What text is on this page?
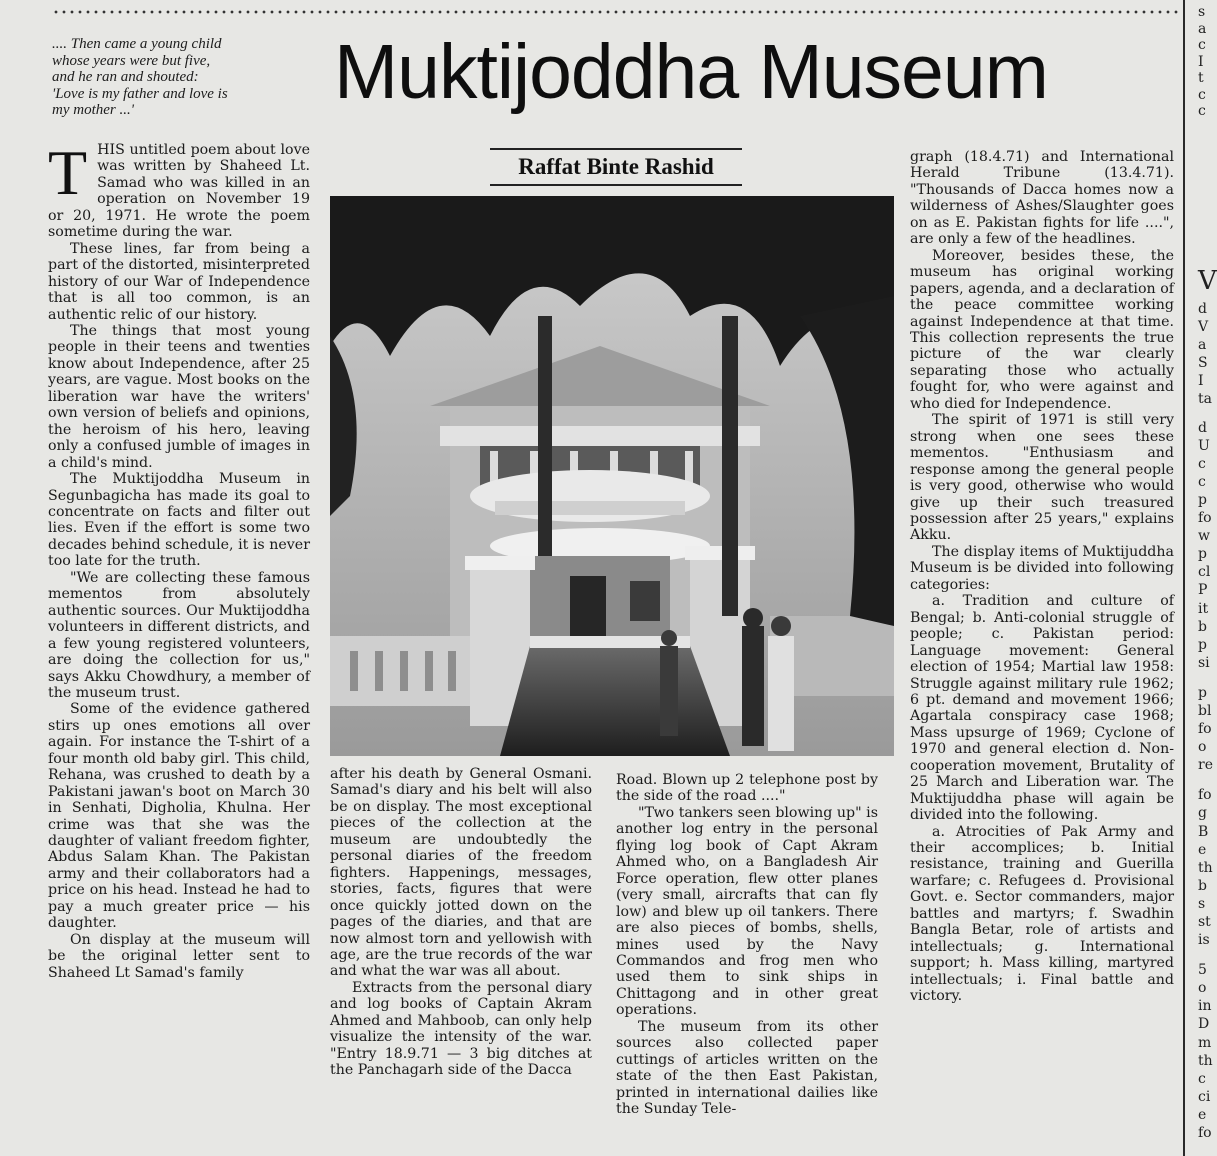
.... Then came a young child
whose years were but five,
and he ran and shouted:
'Love is my father and love is
my mother ...'	Muktijoddha Museum
Raffat Binte Rashid

THIS untitled poem about love was written by Shaheed Lt. Samad who was killed in an operation on November 19 or 20, 1971. He wrote the poem sometime during the war.

These lines, far from being a part of the distorted, misinterpreted history of our War of Independence that is all too common, is an authentic relic of our history.

The things that most young people in their teens and twenties know about Independence, after 25 years, are vague. Most books on the liberation war have the writers' own version of beliefs and opinions, the heroism of his hero, leaving only a confused jumble of images in a child's mind.

The Muktijoddha Museum in Segunbagicha has made its goal to concentrate on facts and filter out lies. Even if the effort is some two decades behind schedule, it is never too late for the truth.

"We are collecting these famous mementos from absolutely authentic sources. Our Muktijoddha volunteers in different districts, and a few young registered volunteers, are doing the collection for us," says Akku Chowdhury, a member of the museum trust.

Some of the evidence gathered stirs up ones emotions all over again. For instance the T-shirt of a four month old baby girl. This child, Rehana, was crushed to death by a Pakistani jawan's boot on March 30 in Senhati, Digholia, Khulna. Her crime was that she was the daughter of valiant freedom fighter, Abdus Salam Khan. The Pakistan army and their collaborators had a price on his head. Instead he had to pay a much greater price — his daughter.

On display at the museum will be the original letter sent to Shaheed Lt Samad's family

after his death by General Osmani. Samad's diary and his belt will also be on display. The most exceptional pieces of the collection at the museum are undoubtedly the personal diaries of the freedom fighters. Happenings, messages, stories, facts, figures that were once quickly jotted down on the pages of the diaries, and that are now almost torn and yellowish with age, are the true records of the war and what the war was all about.

Extracts from the personal diary and log books of Captain Akram Ahmed and Mahboob, can only help visualize the intensity of the war. "Entry 18.9.71 — 3 big ditches at the Panchagarh side of the Dacca

Road. Blown up 2 telephone post by the side of the road ...."

"Two tankers seen blowing up" is another log entry in the personal flying log book of Capt Akram Ahmed who, on a Bangladesh Air Force operation, flew otter planes (very small, aircrafts that can fly low) and blew up oil tankers. There are also pieces of bombs, shells, mines used by the Navy Commandos and frog men who used them to sink ships in Chittagong and in other great operations.

The museum from its other sources also collected paper cuttings of articles written on the state of the then East Pakistan, printed in international dailies like the Sunday Tele-

graph (18.4.71) and International Herald Tribune (13.4.71). "Thousands of Dacca homes now a wilderness of Ashes/Slaughter goes on as E. Pakistan fights for life ....", are only a few of the headlines.

Moreover, besides these, the museum has original working papers, agenda, and a declaration of the peace committee working against Independence at that time. This collection represents the true picture of the war clearly separating those who actually fought for, who were against and who died for Independence.

The spirit of 1971 is still very strong when one sees these mementos. "Enthusiasm and response among the general people is very good, otherwise who would give up their such treasured possession after 25 years," explains Akku.

The display items of Muktijuddha Museum is be divided into following categories:

a. Tradition and culture of Bengal; b. Anti-colonial struggle of people; c. Pakistan period: Language movement: General election of 1954; Martial law 1958: Struggle against military rule 1962; 6 pt. demand and movement 1966; Agartala conspiracy case 1968; Mass upsurge of 1969; Cyclone of 1970 and general election d. Non-cooperation movement, Brutality of 25 March and Liberation war. The Muktijuddha phase will again be divided into the following.

a. Atrocities of Pak Army and their accomplices; b. Initial resistance, training and Guerilla warfare; c. Refugees d. Provisional Govt. e. Sector commanders, major battles and martyrs; f. Swadhin Bangla Betar, role of artists and intellectuals; g. International support; h. Mass killing, martyred intellectuals; i. Final battle and victory.

s
a
c
I
t
c
c
V
d
V
a
S
I
ta
d
U
c
c
p
fo
w
p
cl
P
it
b
p
si
p
bl
fo
o
re
fo
g
B
e
th
b
s
st
is
5
o
in
D
m
th
c
ci
e
fo
